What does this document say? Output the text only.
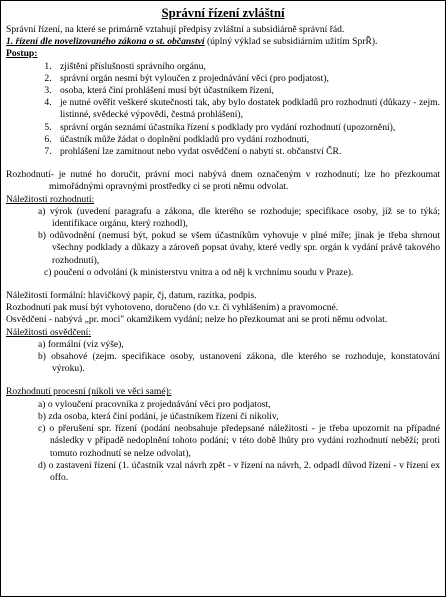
Správní řízení zvláštní

Správní řízení, na které se primárně vztahují předpisy zvláštní a subsidiárně správní řád.

1. řízení dle novelizovaného zákona o st. občanství (úplný výklad se subsidiárním užitím SprŘ).

Postup:

1. zjištění příslušnosti správního orgánu,
2. správní orgán nesmí být vyloučen z projednávání věci (pro podjatost),
3. osoba, která činí prohlášení musí být účastníkem řízení,
4. je nutné ověřit veškeré skutečnosti tak, aby bylo dostatek podkladů pro rozhodnutí (důkazy - zejm. listinné, svědecké výpovědi, čestná prohlášení),
5. správní orgán seznámí účastníka řízení s podklady pro vydání rozhodnutí (upozornění),
6. účastník může žádat o doplnění podkladů pro vydání rozhodnutí,
7. prohlášení lze zamítnout nebo vydat osvědčení o nabytí st. občanství ČR.

Rozhodnutí- je nutné ho doručit, právní moci nabývá dnem označeným v rozhodnutí; lze ho přezkoumat mimořádnými opravnými prostředky ci se proti němu odvolat.

Náležitosti rozhodnutí:

a) výrok (uvedení paragrafu a zákona, dle kterého se rozhoduje; specifikace osoby, jíž se to týká; identifikace orgánu, který rozhodl),

b) odůvodnění (nemusí být, pokud se všem účastníkům vyhovuje v plné míře; jinak je třeba shrnout všechny podklady a důkazy a zároveň popsat úvahy, které vedly spr. orgán k vydání právě takového rozhodnutí),

c) poučení o odvolání (k ministerstvu vnitra a od něj k vrchnímu soudu v Praze).

Náležitosti formální: hlavičkový papír, čj, datum, razítka, podpis.

Rozhodnutí pak musí být vyhotoveno, doručeno (do v.r. či vyhlášením) a pravomocné.

Osvědčení - nabývá „pr. moci" okamžikem vydání; nelze ho přezkoumat ani se proti němu odvolat.

Náležitosti osvědčení:

a) formální (viz výše),

b) obsahové (zejm. specifikace osoby, ustanovení zákona, dle kterého se rozhoduje, konstatování výroku).

Rozhodnutí procesní (nikoli ve věci samé):

a) o vyloučení pracovníka z projednávání věci pro podjatost,

b) zda osoba, která činí podání, je účastníkem řízení či nikoliv,

c) o přerušení spr. řízení (podání neobsahuje předepsané náležitosti - je třeba upozornit na případné následky v případě nedoplnění tohoto podání; v této době lhůty pro vydání rozhodnutí neběží; proti tomuto rozhodnutí se nelze odvolat),

d) o zastavení řízení (1. účastník vzal návrh zpět - v řízení na návrh, 2. odpadl důvod řízení - v řízení ex offo.
